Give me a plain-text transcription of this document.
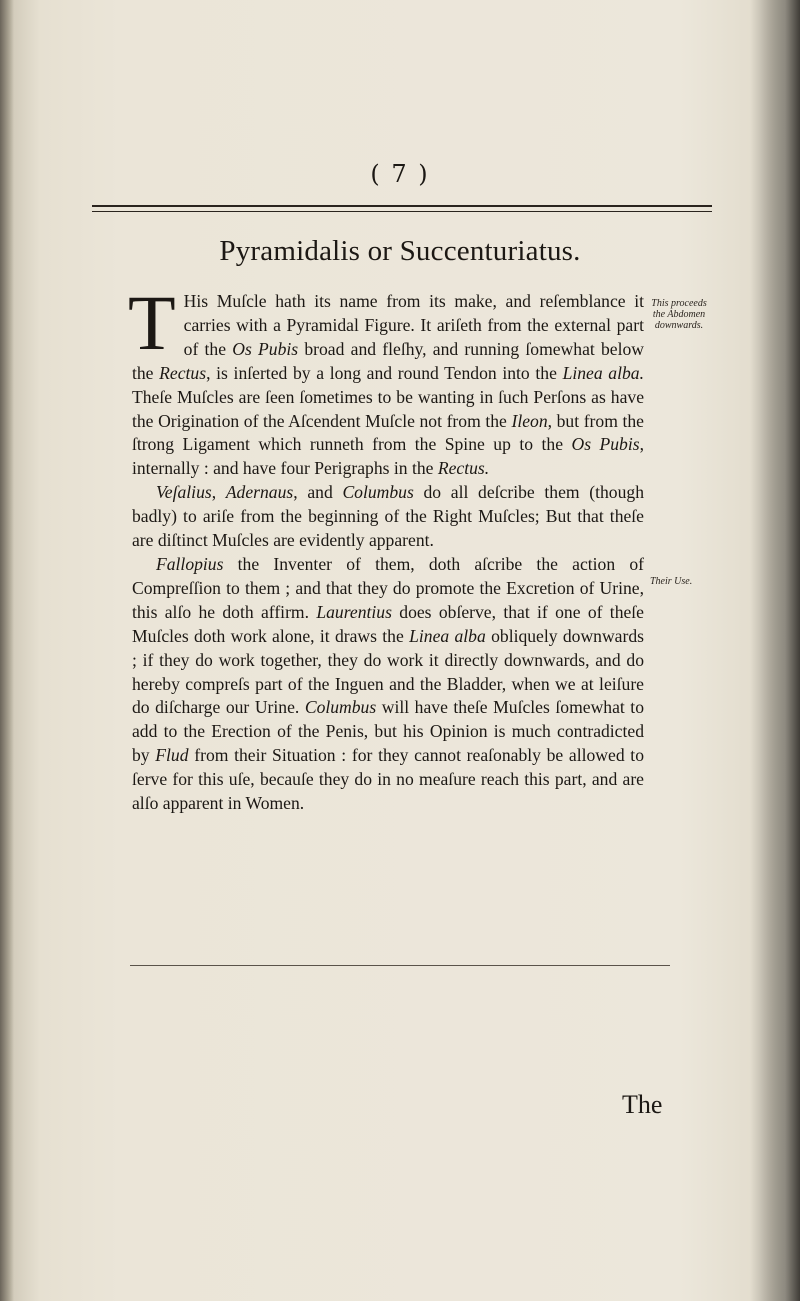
( 7 )
Pyramidalis or Succenturiatus.
This proceeds the Abdomen downwards.
Their Use.

T His Muſcle hath its name from its make, and reſemblance it carries with a Pyramidal Figure. It ariſeth from the external part of the Os Pubis broad and fleſhy, and running ſomewhat below the Rectus, is inſerted by a long and round Tendon into the Linea alba. Theſe Muſcles are ſeen ſometimes to be wanting in ſuch Perſons as have the Origination of the Aſcendent Muſcle not from the Ileon, but from the ſtrong Ligament which runneth from the Spine up to the Os Pubis, internally : and have four Perigraphs in the Rectus.

Veſalius, Adernaus, and Columbus do all deſcribe them (though badly) to ariſe from the beginning of the Right Muſcles; But that theſe are diſtinct Muſcles are evidently apparent.

Fallopius the Inventer of them, doth aſcribe the action of Compreſſion to them ; and that they do promote the Excretion of Urine, this alſo he doth affirm. Laurentius does obſerve, that if one of theſe Muſcles doth work alone, it draws the Linea alba obliquely downwards ; if they do work together, they do work it directly downwards, and do hereby compreſs part of the Inguen and the Bladder, when we at leiſure do diſcharge our Urine. Columbus will have theſe Muſcles ſomewhat to add to the Erection of the Penis, but his Opinion is much contradicted by Flud from their Situation : for they cannot reaſonably be allowed to ſerve for this uſe, becauſe they do in no meaſure reach this part, and are alſo apparent in Women.

The
